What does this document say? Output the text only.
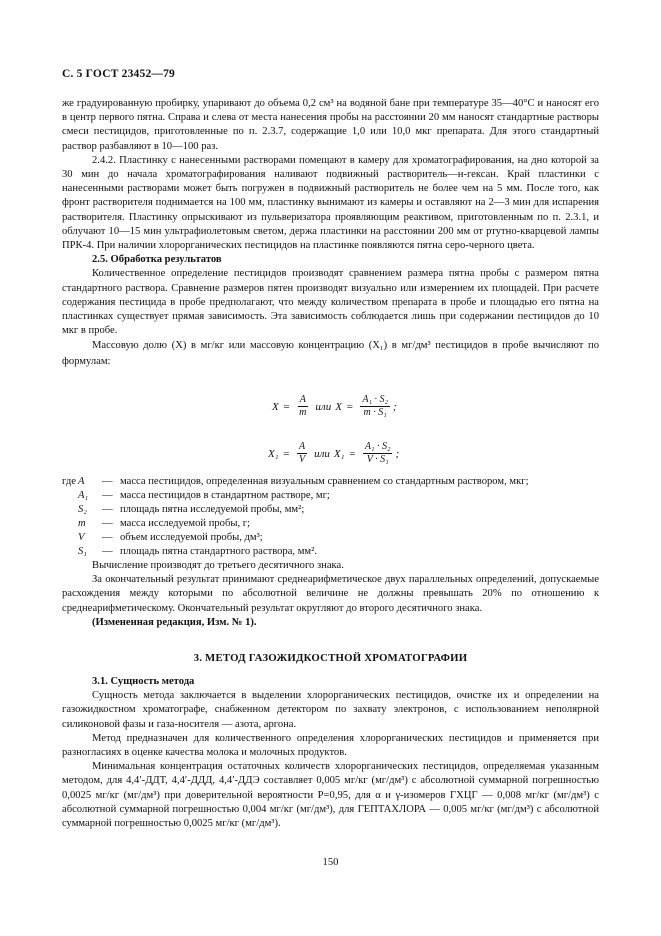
С. 5 ГОСТ 23452—79

же градуированную пробирку, упаривают до объема 0,2 см³ на водяной бане при температуре 35—40°С и наносят его в центр первого пятна. Справа и слева от места нанесения пробы на расстоянии 20 мм наносят стандартные растворы смеси пестицидов, приготовленные по п. 2.3.7, содержащие 1,0 или 10,0 мкг препарата. Для этого стандартный раствор разбавляют в 10—100 раз.

2.4.2. Пластинку с нанесенными растворами помещают в камеру для хроматографирования, на дно которой за 30 мин до начала хроматографирования наливают подвижный растворитель—н-гексан. Край пластинки с нанесенными растворами может быть погружен в подвижный растворитель не более чем на 5 мм. После того, как фронт растворителя поднимается на 100 мм, пластинку вынимают из камеры и оставляют на 2—3 мин для испарения растворителя. Пластинку опрыскивают из пульверизатора проявляющим реактивом, приготовленным по п. 2.3.1, и облучают 10—15 мин ультрафиолетовым светом, держа пластинки на расстоянии 200 мм от ртутно-кварцевой лампы ПРК-4. При наличии хлорорганических пестицидов на пластинке появляются пятна серо-черного цвета.

2.5. Обработка результатов

Количественное определение пестицидов производят сравнением размера пятна пробы с размером пятна стандартного раствора. Сравнение размеров пятен производят визуально или измерением их площадей. При расчете содержания пестицида в пробе предполагают, что между количеством препарата в пробе и площадью его пятна на пластинках существует прямая зависимость. Эта зависимость соблюдается лишь при содержании пестицидов до 10 мкг в пробе.

Массовую долю (X) в мг/кг или массовую концентрацию (X₁) в мг/дм³ пестицидов в пробе вычисляют по формулам:

$X = \frac{A}{m}$ или $X = \frac{\text{A₁ · S₂}}{\text{m · S₁}}$ ;
$X_1 = \frac{A}{V}$ или $X_1 = \frac{\text{A₁ · S₂}}{\text{V · S₁}}$ ;
где A	— масса пестицидов, определенная визуальным сравнением со стандартным раствором, мкг;
A₁	— масса пестицидов в стандартном растворе, мг;
S₂	— площадь пятна исследуемой пробы, мм²;
m	— масса исследуемой пробы, г;
V	— объем исследуемой пробы, дм³;
S₁	— площадь пятна стандартного раствора, мм².

Вычисление производят до третьего десятичного знака.

За окончательный результат принимают среднеарифметическое двух параллельных определений, допускаемые расхождения между которыми по абсолютной величине не должны превышать 20% по отношению к среднеарифметическому. Окончательный результат округляют до второго десятичного знака.

(Измененная редакция, Изм. № 1).

3. МЕТОД ГАЗОЖИДКОСТНОЙ ХРОМАТОГРАФИИ

3.1. Сущность метода

Сущность метода заключается в выделении хлорорганических пестицидов, очистке их и определении на газожидкостном хроматографе, снабженном детектором по захвату электронов, с использованием неполярной силиконовой фазы и газа-носителя — азота, аргона.

Метод предназначен для количественного определения хлорорганических пестицидов и применяется при разногласиях в оценке качества молока и молочных продуктов.

Минимальная концентрация остаточных количеств хлорорганических пестицидов, определяемая указанным методом, для 4,4′-ДДТ, 4,4′-ДДД, 4,4′-ДДЭ составляет 0,005 мг/кг (мг/дм³) с абсолютной суммарной погрешностью 0,0025 мг/кг (мг/дм³) при доверительной вероятности P=0,95, для α и γ-изомеров ГХЦГ — 0,008 мг/кг (мг/дм³) с абсолютной суммарной погрешностью 0,004 мг/кг (мг/дм³), для ГЕПТАХЛОРА — 0,005 мг/кг (мг/дм³) с абсолютной суммарной погрешностью 0,0025 мг/кг (мг/дм³).

150
